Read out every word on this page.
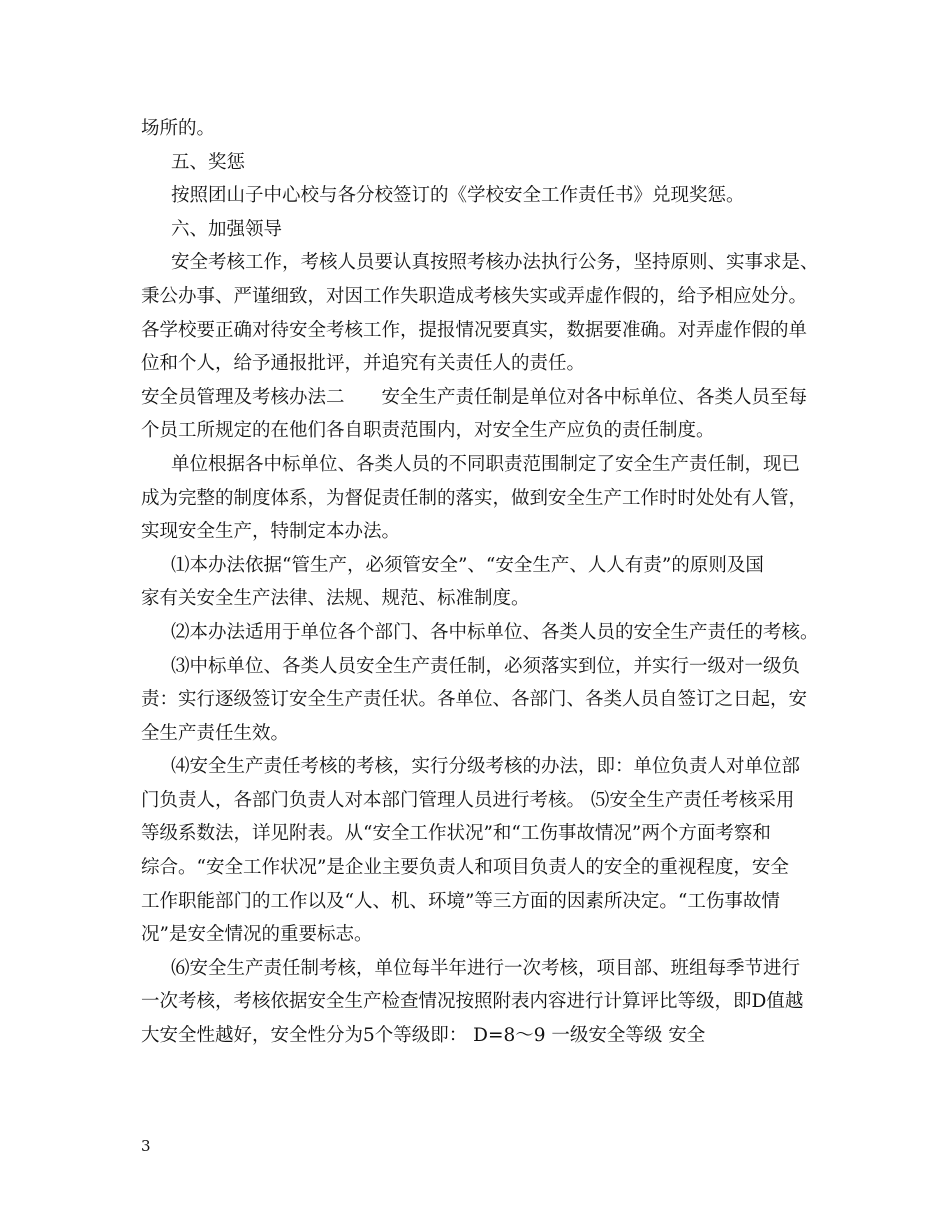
场所的。
五、奖惩
按照团山子中心校与各分校签订的《学校安全工作责任书》兑现奖惩。
六、加强领导
安全考核工作，考核人员要认真按照考核办法执行公务，坚持原则、实事求是、
秉公办事、严谨细致，对因工作失职造成考核失实或弄虚作假的，给予相应处分。
各学校要正确对待安全考核工作，提报情况要真实，数据要准确。对弄虚作假的单
位和个人，给予通报批评，并追究有关责任人的责任。
安全员管理及考核办法二　　安全生产责任制是单位对各中标单位、各类人员至每
个员工所规定的在他们各自职责范围内，对安全生产应负的责任制度。
单位根据各中标单位、各类人员的不同职责范围制定了安全生产责任制，现已
成为完整的制度体系，为督促责任制的落实，做到安全生产工作时时处处有人管，
实现安全生产，特制定本办法。
⑴本办法依据“管生产，必须管安全”、“安全生产、人人有责”的原则及国
家有关安全生产法律、法规、规范、标准制度。
⑵本办法适用于单位各个部门、各中标单位、各类人员的安全生产责任的考核。
⑶中标单位、各类人员安全生产责任制，必须落实到位，并实行一级对一级负
责：实行逐级签订安全生产责任状。各单位、各部门、各类人员自签订之日起，安
全生产责任生效。
⑷安全生产责任考核的考核，实行分级考核的办法，即：单位负责人对单位部
门负责人，各部门负责人对本部门管理人员进行考核。 ⑸安全生产责任考核采用
等级系数法，详见附表。从“安全工作状况”和“工伤事故情况”两个方面考察和
综合。“安全工作状况”是企业主要负责人和项目负责人的安全的重视程度，安全
工作职能部门的工作以及“人、机、环境”等三方面的因素所决定。“工伤事故情
况”是安全情况的重要标志。
⑹安全生产责任制考核，单位每半年进行一次考核，项目部、班组每季节进行
一次考核，考核依据安全生产检查情况按照附表内容进行计算评比等级，即D值越
大安全性越好，安全性分为5个等级即： D=8～9 一级安全等级 安全
3
